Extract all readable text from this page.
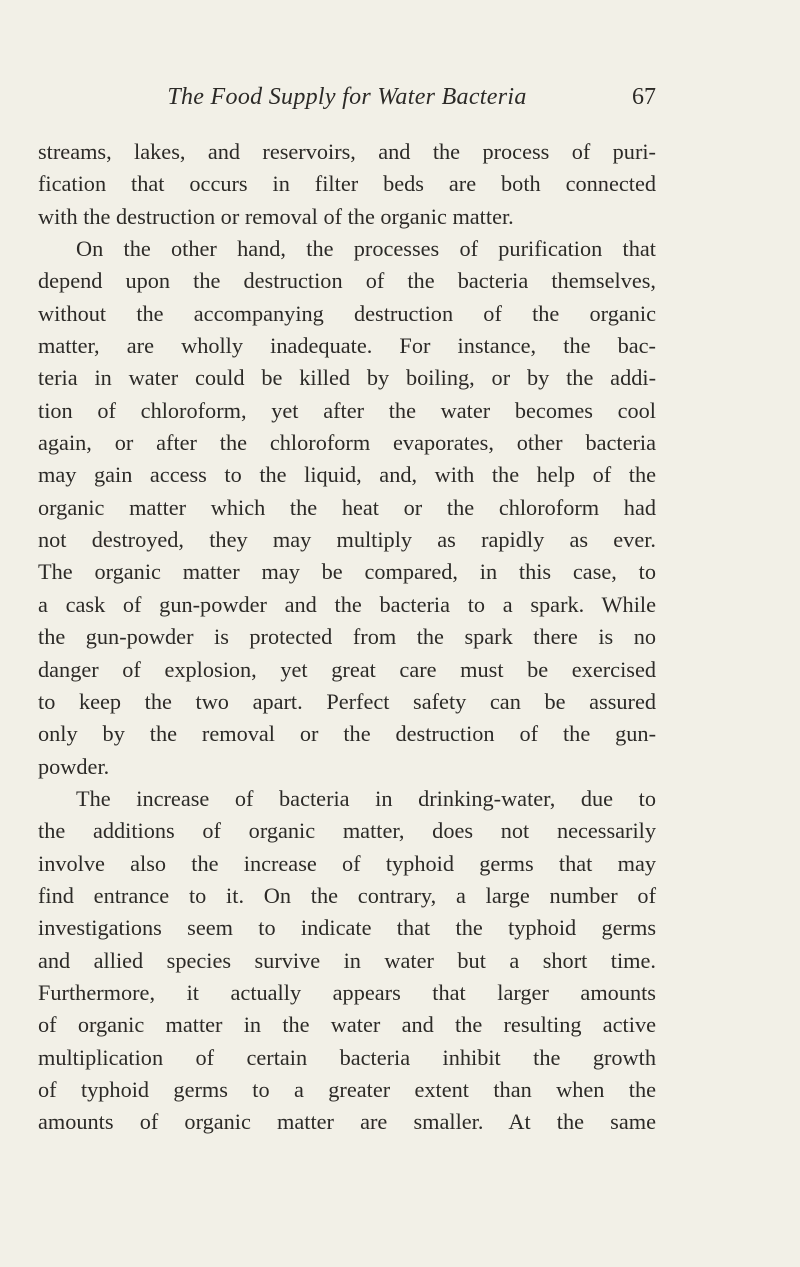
The Food Supply for Water Bacteria	67
streams, lakes, and reservoirs, and the process of puri-
fication that occurs in filter beds are both connected
with the destruction or removal of the organic matter.
On the other hand, the processes of purification that
depend upon the destruction of the bacteria themselves,
without the accompanying destruction of the organic
matter, are wholly inadequate. For instance, the bac-
teria in water could be killed by boiling, or by the addi-
tion of chloroform, yet after the water becomes cool
again, or after the chloroform evaporates, other bacteria
may gain access to the liquid, and, with the help of the
organic matter which the heat or the chloroform had
not destroyed, they may multiply as rapidly as ever.
The organic matter may be compared, in this case, to
a cask of gun-powder and the bacteria to a spark. While
the gun-powder is protected from the spark there is no
danger of explosion, yet great care must be exercised
to keep the two apart. Perfect safety can be assured
only by the removal or the destruction of the gun-
powder.
The increase of bacteria in drinking-water, due to
the additions of organic matter, does not necessarily
involve also the increase of typhoid germs that may
find entrance to it. On the contrary, a large number of
investigations seem to indicate that the typhoid germs
and allied species survive in water but a short time.
Furthermore, it actually appears that larger amounts
of organic matter in the water and the resulting active
multiplication of certain bacteria inhibit the growth
of typhoid germs to a greater extent than when the
amounts of organic matter are smaller. At the same
